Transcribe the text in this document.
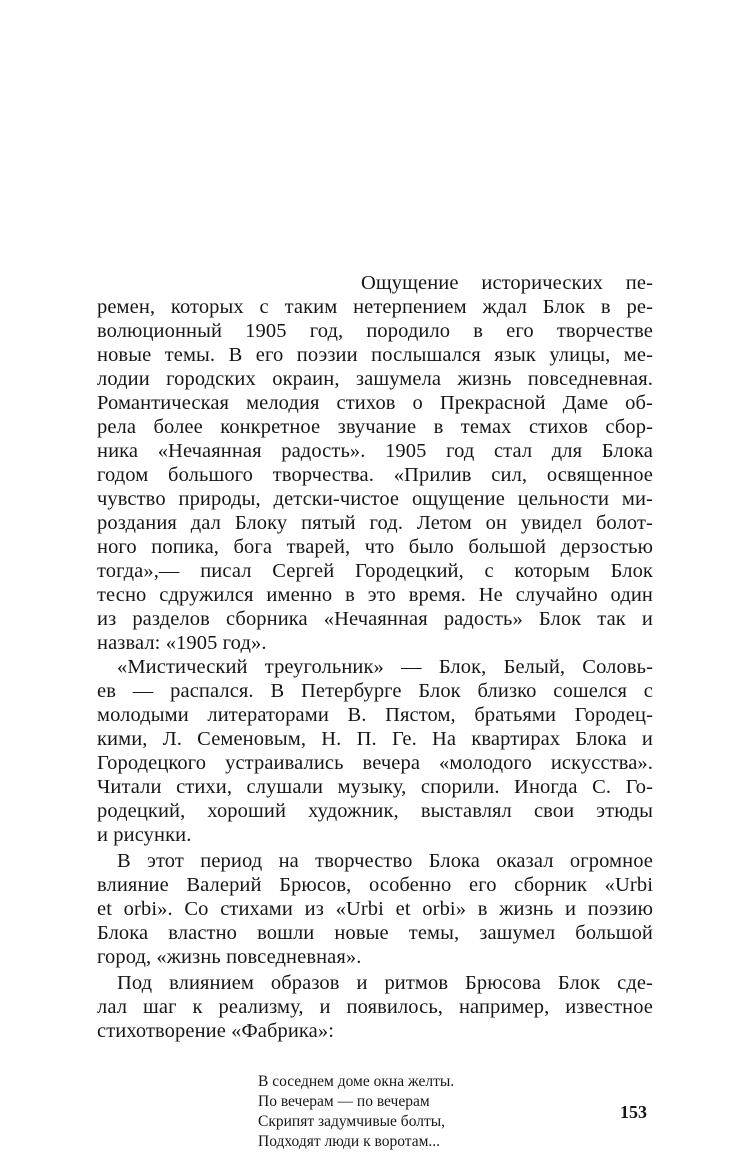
Ощущение исторических пе-
ремен, которых с таким нетерпением ждал Блок в ре-
волюционный 1905 год, породило в его творчестве
новые темы. В его поэзии послышался язык улицы, ме-
лодии городских окраин, зашумела жизнь повседневная.
Романтическая мелодия стихов о Прекрасной Даме об-
рела более конкретное звучание в темах стихов сбор-
ника «Нечаянная радость». 1905 год стал для Блока
годом большого творчества. «Прилив сил, освященное
чувство природы, детски-чистое ощущение цельности ми-
роздания дал Блоку пятый год. Летом он увидел болот-
ного попика, бога тварей, что было большой дерзостью
тогда»,— писал Сергей Городецкий, с которым Блок
тесно сдружился именно в это время. Не случайно один
из разделов сборника «Нечаянная радость» Блок так и
назвал: «1905 год».
«Мистический треугольник» — Блок, Белый, Соловь-
ев — распался. В Петербурге Блок близко сошелся с
молодыми литераторами В. Пястом, братьями Городец-
кими, Л. Семеновым, Н. П. Ге. На квартирах Блока и
Городецкого устраивались вечера «молодого искусства».
Читали стихи, слушали музыку, спорили. Иногда С. Го-
родецкий, хороший художник, выставлял свои этюды
и рисунки.
В этот период на творчество Блока оказал огромное
влияние Валерий Брюсов, особенно его сборник «Urbi
et orbi». Со стихами из «Urbi et orbi» в жизнь и поэзию
Блока властно вошли новые темы, зашумел большой
город, «жизнь повседневная».
Под влиянием образов и ритмов Брюсова Блок сде-
лал шаг к реализму, и появилось, например, известное
стихотворение «Фабрика»:
В соседнем доме окна желты.
По вечерам — по вечерам
Скрипят задумчивые болты,
Подходят люди к воротам...
153
